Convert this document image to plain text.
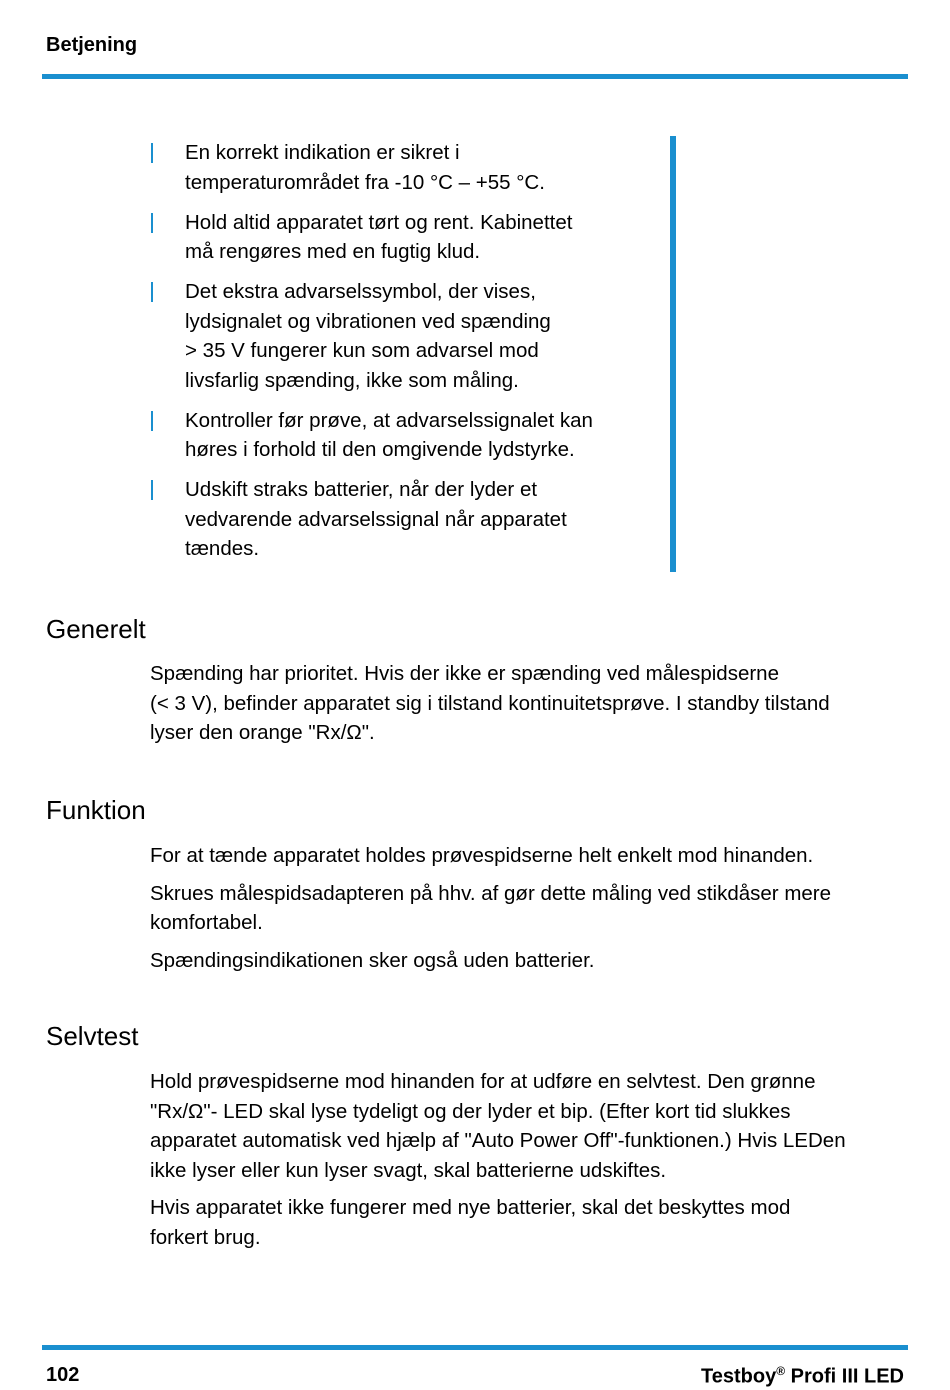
Betjening
En korrekt indikation er sikret i
temperaturområdet fra -10 °C – +55 °C.
Hold altid apparatet tørt og rent. Kabinettet
må rengøres med en fugtig klud.
Det ekstra advarselssymbol, der vises,
lydsignalet og vibrationen ved spænding
> 35 V fungerer kun som advarsel mod
livsfarlig spænding, ikke som måling.
Kontroller før prøve, at advarselssignalet kan
høres i forhold til den omgivende lydstyrke.
Udskift straks batterier, når der lyder et
vedvarende advarselssignal når apparatet
tændes.
Generelt

Spænding har prioritet. Hvis der ikke er spænding ved målespidserne
(< 3 V), befinder apparatet sig i tilstand kontinuitetsprøve. I standby tilstand
lyser den orange "Rx/Ω".

Funktion

For at tænde apparatet holdes prøvespidserne helt enkelt mod hinanden.

Skrues målespidsadapteren på hhv. af gør dette måling ved stikdåser mere
komfortabel.

Spændingsindikationen sker også uden batterier.

Selvtest

Hold prøvespidserne mod hinanden for at udføre en selvtest. Den grønne
"Rx/Ω"- LED skal lyse tydeligt og der lyder et bip. (Efter kort tid slukkes
apparatet automatisk ved hjælp af "Auto Power Off"-funktionen.) Hvis LEDen
ikke lyser eller kun lyser svagt, skal batterierne udskiftes.

Hvis apparatet ikke fungerer med nye batterier, skal det beskyttes mod
forkert brug.

102	Testboy® Profi III LED
